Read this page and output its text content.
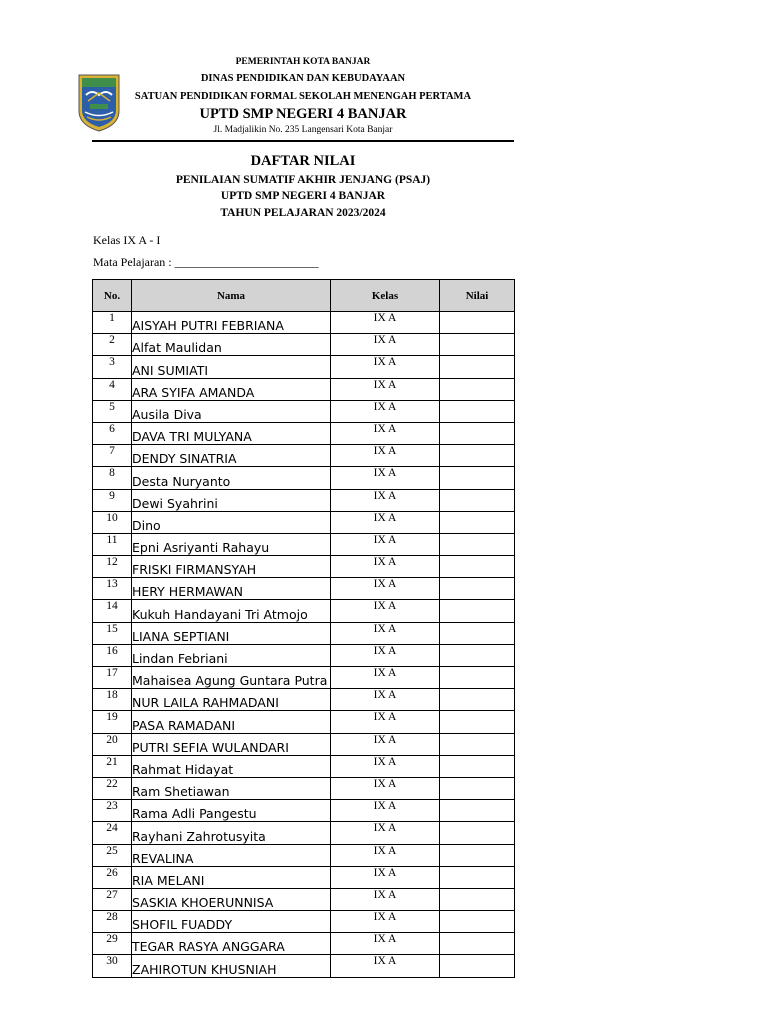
PEMERINTAH KOTA BANJAR
DINAS PENDIDIKAN DAN KEBUDAYAAN
SATUAN PENDIDIKAN FORMAL SEKOLAH MENENGAH PERTAMA
UPTD SMP NEGERI 4 BANJAR
Jl. Madjalikin No. 235 Langensari Kota Banjar
DAFTAR NILAI
PENILAIAN SUMATIF AKHIR JENJANG (PSAJ)
UPTD SMP NEGERI 4 BANJAR
TAHUN PELAJARAN 2023/2024
Kelas IX A - I
Mata Pelajaran : ________________________
No.	Nama	Kelas	Nilai
1	AISYAH PUTRI FEBRIANA	IX A	
2	Alfat Maulidan	IX A	
3	ANI SUMIATI	IX A	
4	ARA SYIFA AMANDA	IX A	
5	Ausila Diva	IX A	
6	DAVA TRI MULYANA	IX A	
7	DENDY SINATRIA	IX A	
8	Desta Nuryanto	IX A	
9	Dewi Syahrini	IX A	
10	Dino	IX A	
11	Epni Asriyanti Rahayu	IX A	
12	FRISKI FIRMANSYAH	IX A	
13	HERY HERMAWAN	IX A	
14	Kukuh Handayani Tri Atmojo	IX A	
15	LIANA SEPTIANI	IX A	
16	Lindan Febriani	IX A	
17	Mahaisea Agung Guntara Putra	IX A	
18	NUR LAILA RAHMADANI	IX A	
19	PASA RAMADANI	IX A	
20	PUTRI SEFIA WULANDARI	IX A	
21	Rahmat Hidayat	IX A	
22	Ram Shetiawan	IX A	
23	Rama Adli Pangestu	IX A	
24	Rayhani Zahrotusyita	IX A	
25	REVALINA	IX A	
26	RIA MELANI	IX A	
27	SASKIA KHOERUNNISA	IX A	
28	SHOFIL FUADDY	IX A	
29	TEGAR RASYA ANGGARA	IX A	
30	ZAHIROTUN KHUSNIAH	IX A	
